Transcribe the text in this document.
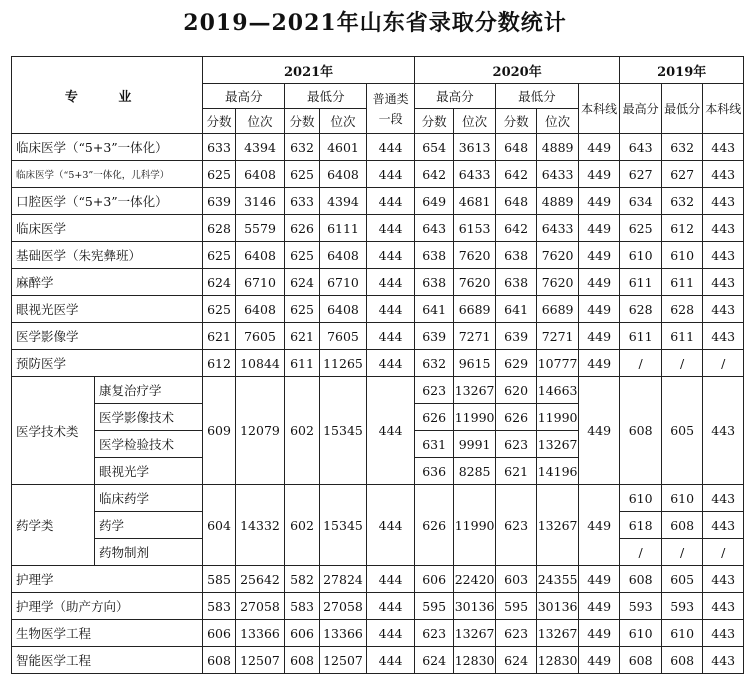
2019—2021年山东省录取分数统计
专 业		2021年					2020年					2019年		
		最高分		最低分		普通类一段	最高分		最低分		本科线	最高分	最低分	本科线
		分数	位次	分数	位次		分数	位次	分数	位次				
临床医学（“5+3”一体化）		633	4394	632	4601	444	654	3613	648	4889	449	643	632	443
临床医学（“5+3”一体化，儿科学）		625	6408	625	6408	444	642	6433	642	6433	449	627	627	443
口腔医学（“5+3”一体化）		639	3146	633	4394	444	649	4681	648	4889	449	634	632	443
临床医学		628	5579	626	6111	444	643	6153	642	6433	449	625	612	443
基础医学（朱宪彝班）		625	6408	625	6408	444	638	7620	638	7620	449	610	610	443
麻醉学		624	6710	624	6710	444	638	7620	638	7620	449	611	611	443
眼视光医学		625	6408	625	6408	444	641	6689	641	6689	449	628	628	443
医学影像学		621	7605	621	7605	444	639	7271	639	7271	449	611	611	443
预防医学		612	10844	611	11265	444	632	9615	629	10777	449	/	/	/
医学技术类	康复治疗学	609	12079	602	15345	444	623	13267	620	14663	449	608	605	443
	医学影像技术						626	11990	626	11990				
	医学检验技术						631	9991	623	13267				
	眼视光学						636	8285	621	14196				
药学类	临床药学	604	14332	602	15345	444	626	11990	623	13267	449	610	610	443
	药学											618	608	443
	药物制剂											/	/	/
护理学		585	25642	582	27824	444	606	22420	603	24355	449	608	605	443
护理学（助产方向）		583	27058	583	27058	444	595	30136	595	30136	449	593	593	443
生物医学工程		606	13366	606	13366	444	623	13267	623	13267	449	610	610	443
智能医学工程		608	12507	608	12507	444	624	12830	624	12830	449	608	608	443
